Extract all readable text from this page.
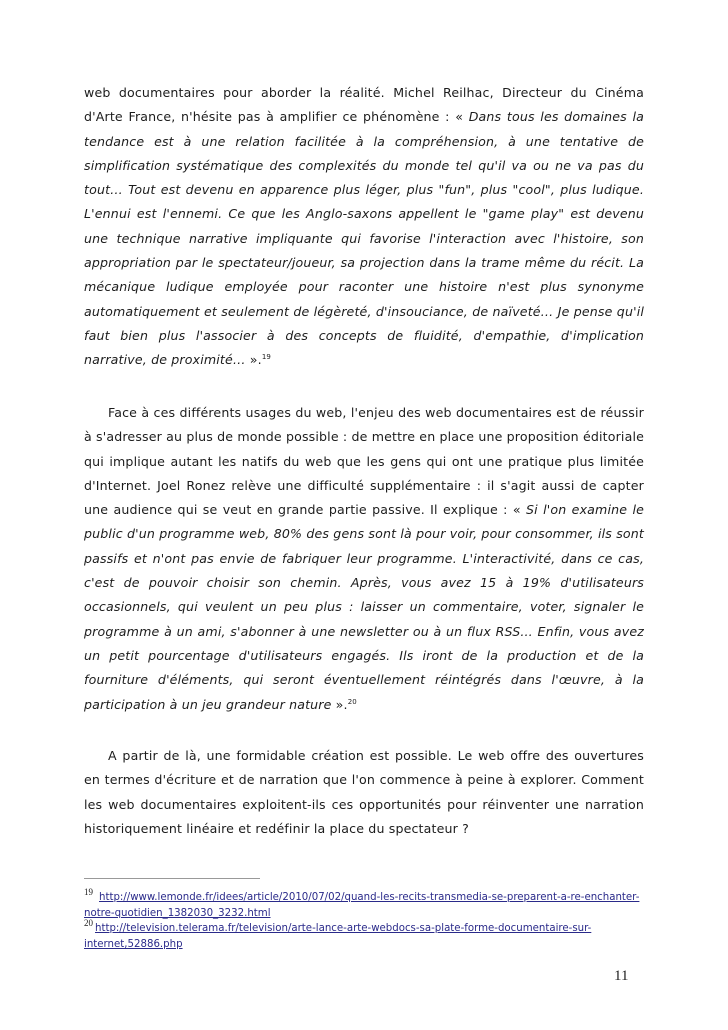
web documentaires pour aborder la réalité. Michel Reilhac, Directeur du Cinéma d'Arte France, n'hésite pas à amplifier ce phénomène : « Dans tous les domaines la tendance est à une relation facilitée à la compréhension, à une tentative de simplification systématique des complexités du monde tel qu'il va ou ne va pas du tout… Tout est devenu en apparence plus léger, plus "fun", plus "cool", plus ludique. L'ennui est l'ennemi. Ce que les Anglo-saxons appellent le "game play" est devenu une technique narrative impliquante qui favorise l'interaction avec l'histoire, son appropriation par le spectateur/joueur, sa projection dans la trame même du récit. La mécanique ludique employée pour raconter une histoire n'est plus synonyme automatiquement et seulement de légèreté, d'insouciance, de naïveté… Je pense qu'il faut bien plus l'associer à des concepts de fluidité, d'empathie, d'implication narrative, de proximité… ».$^{19}$

Face à ces différents usages du web, l'enjeu des web documentaires est de réussir à s'adresser au plus de monde possible : de mettre en place une proposition éditoriale qui implique autant les natifs du web que les gens qui ont une pratique plus limitée d'Internet. Joel Ronez relève une difficulté supplémentaire : il s'agit aussi de capter une audience qui se veut en grande partie passive. Il explique : « Si l'on examine le public d'un programme web, 80% des gens sont là pour voir, pour consommer, ils sont passifs et n'ont pas envie de fabriquer leur programme. L'interactivité, dans ce cas, c'est de pouvoir choisir son chemin. Après, vous avez 15 à 19% d'utilisateurs occasionnels, qui veulent un peu plus : laisser un commentaire, voter, signaler le programme à un ami, s'abonner à une newsletter ou à un flux RSS... Enfin, vous avez un petit pourcentage d'utilisateurs engagés. Ils iront de la production et de la fourniture d'éléments, qui seront éventuellement réintégrés dans l'œuvre, à la participation à un jeu grandeur nature ».$^{20}$

A partir de là, une formidable création est possible. Le web offre des ouvertures en termes d'écriture et de narration que l'on commence à peine à explorer. Comment les web documentaires exploitent-ils ces opportunités pour réinventer une narration historiquement linéaire et redéfinir la place du spectateur ?

19 http://www.lemonde.fr/idees/article/2010/07/02/quand-les-recits-transmedia-se-preparent-a-re-enchanter-notre-quotidien_1382030_3232.html
20 http://television.telerama.fr/television/arte-lance-arte-webdocs-sa-plate-forme-documentaire-sur-internet,52886.php
11
